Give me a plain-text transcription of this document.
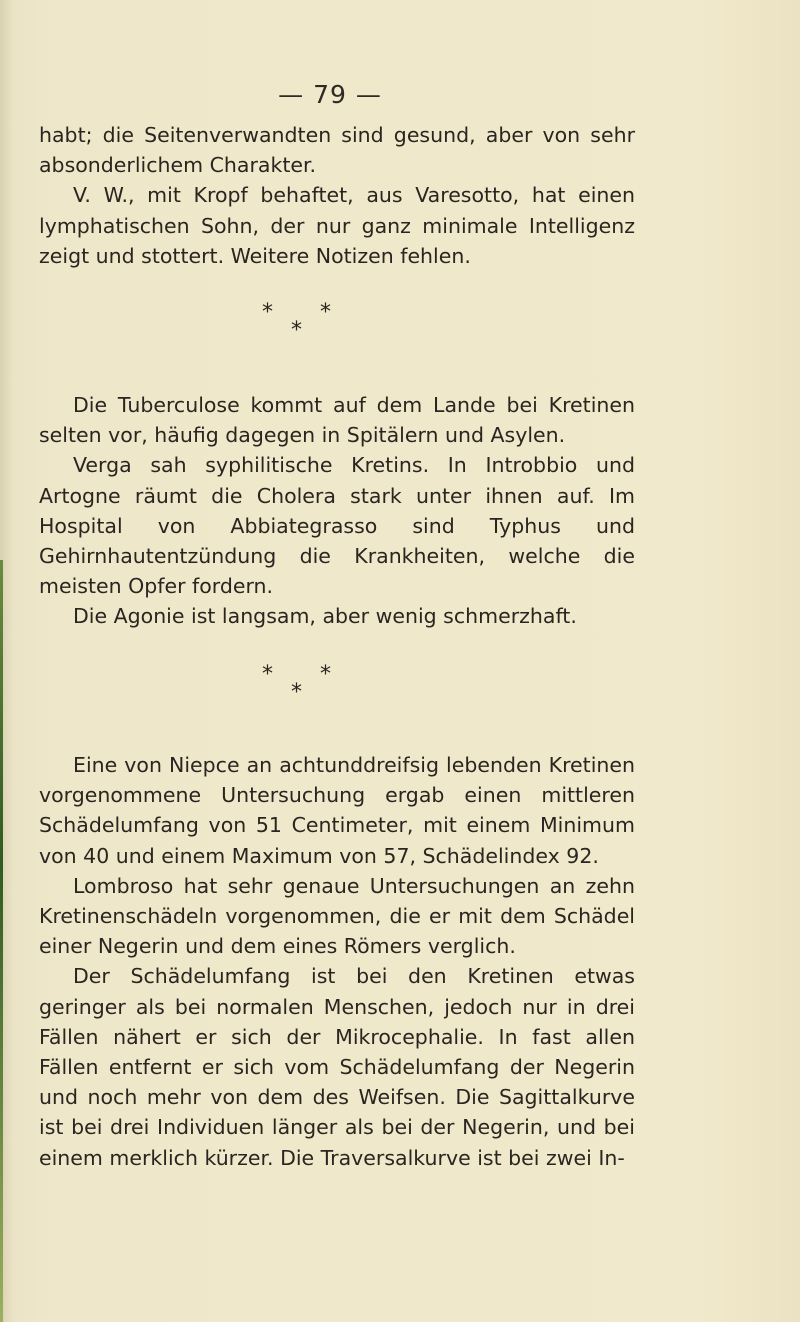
— 79 —

habt; die Seitenverwandten sind gesund, aber von sehr absonderlichem Charakter.

V. W., mit Kropf behaftet, aus Varesotto, hat einen lymphatischen Sohn, der nur ganz minimale Intelligenz zeigt und stottert. Weitere Notizen fehlen.

* *
*

Die Tuberculose kommt auf dem Lande bei Kretinen selten vor, häufig dagegen in Spitälern und Asylen.

Verga sah syphilitische Kretins. In Introbbio und Artogne räumt die Cholera stark unter ihnen auf. Im Hospital von Abbiategrasso sind Typhus und Gehirnhautentzündung die Krankheiten, welche die meisten Opfer fordern.

Die Agonie ist langsam, aber wenig schmerzhaft.

* *
*

Eine von Niepce an achtunddreifsig lebenden Kretinen vorgenommene Untersuchung ergab einen mittleren Schädelumfang von 51 Centimeter, mit einem Minimum von 40 und einem Maximum von 57, Schädelindex 92.

Lombroso hat sehr genaue Untersuchungen an zehn Kretinenschädeln vorgenommen, die er mit dem Schädel einer Negerin und dem eines Römers verglich.

Der Schädelumfang ist bei den Kretinen etwas geringer als bei normalen Menschen, jedoch nur in drei Fällen nähert er sich der Mikrocephalie. In fast allen Fällen entfernt er sich vom Schädelumfang der Negerin und noch mehr von dem des Weifsen. Die Sagittalkurve ist bei drei Individuen länger als bei der Negerin, und bei einem merklich kürzer. Die Traversalkurve ist bei zwei In-
